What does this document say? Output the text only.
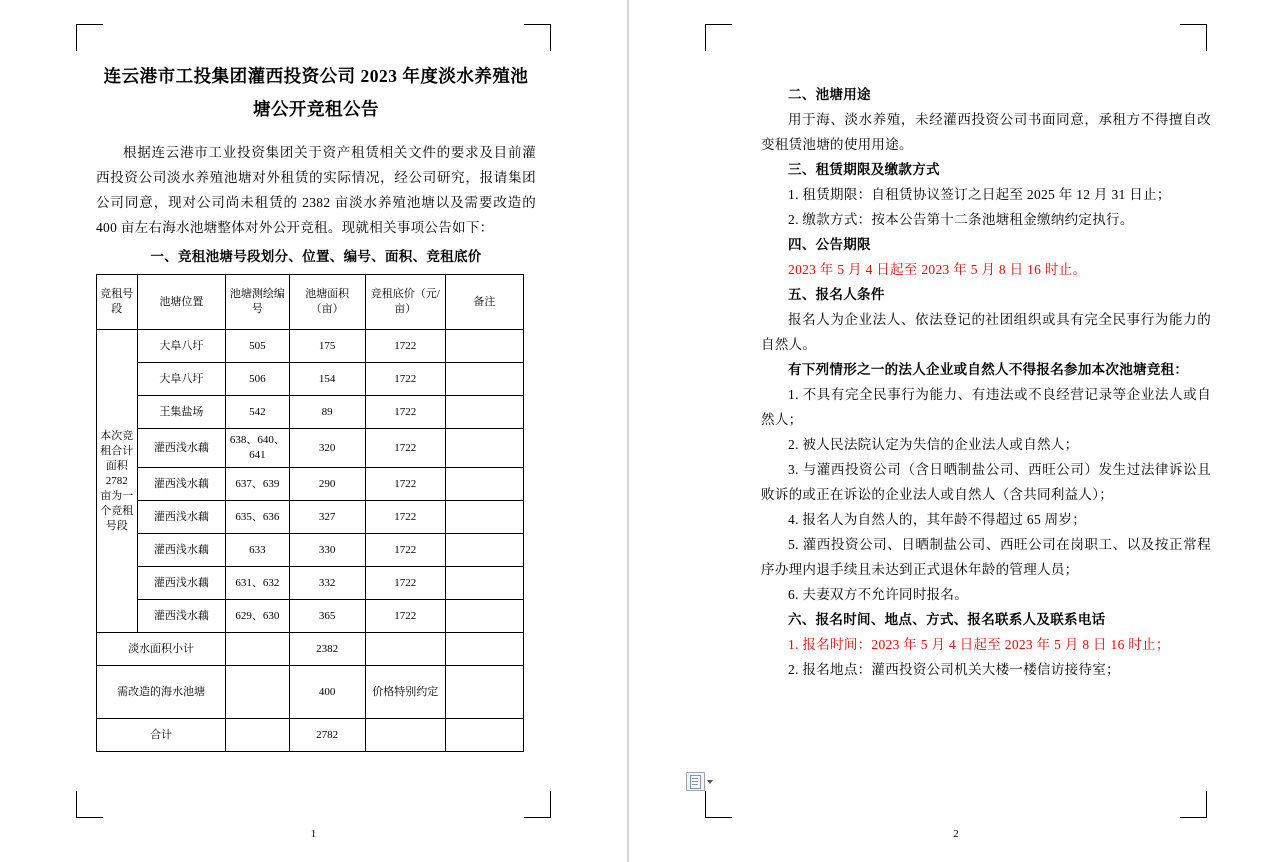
连云港市工投集团灌西投资公司 2023 年度淡水养殖池塘公开竞租公告

根据连云港市工业投资集团关于资产租赁相关文件的要求及目前灌西投资公司淡水养殖池塘对外租赁的实际情况，经公司研究，报请集团公司同意，现对公司尚未租赁的 2382 亩淡水养殖池塘以及需要改造的 400 亩左右海水池塘整体对外公开竞租。现就相关事项公告如下：

一、竞租池塘号段划分、位置、编号、面积、竞租底价

竞租号段	池塘位置	池塘测绘编号	池塘面积（亩）	竞租底价（元/亩）	备注
本次竞租合计面积 2782 亩为一个竞租号段	大阜八圩	505	175	1722	
	大阜八圩	506	154	1722	
	王集盐场	542	89	1722	
	灌西浅水藕	638、640、641	320	1722	
	灌西浅水藕	637、639	290	1722	
	灌西浅水藕	635、636	327	1722	
	灌西浅水藕	633	330	1722	
	灌西浅水藕	631、632	332	1722	
	灌西浅水藕	629、630	365	1722	
淡水面积小计			2382		
需改造的海水池塘			400	价格特别约定	
合计			2782		
1

二、池塘用途

用于海、淡水养殖，未经灌西投资公司书面同意，承租方不得擅自改变租赁池塘的使用用途。

三、租赁期限及缴款方式

1. 租赁期限：自租赁协议签订之日起至 2025 年 12 月 31 日止；

2. 缴款方式：按本公告第十二条池塘租金缴纳约定执行。

四、公告期限

2023 年 5 月 4 日起至 2023 年 5 月 8 日 16 时止。

五、报名人条件

报名人为企业法人、依法登记的社团组织或具有完全民事行为能力的自然人。

有下列情形之一的法人企业或自然人不得报名参加本次池塘竞租：

1. 不具有完全民事行为能力、有违法或不良经营记录等企业法人或自然人；

2. 被人民法院认定为失信的企业法人或自然人；

3. 与灌西投资公司（含日晒制盐公司、西旺公司）发生过法律诉讼且败诉的或正在诉讼的企业法人或自然人（含共同利益人）；

4. 报名人为自然人的，其年龄不得超过 65 周岁；

5. 灌西投资公司、日晒制盐公司、西旺公司在岗职工、以及按正常程序办理内退手续且未达到正式退休年龄的管理人员；

6. 夫妻双方不允许同时报名。

六、报名时间、地点、方式、报名联系人及联系电话

1. 报名时间：2023 年 5 月 4 日起至 2023 年 5 月 8 日 16 时止；

2. 报名地点：灌西投资公司机关大楼一楼信访接待室；

2
